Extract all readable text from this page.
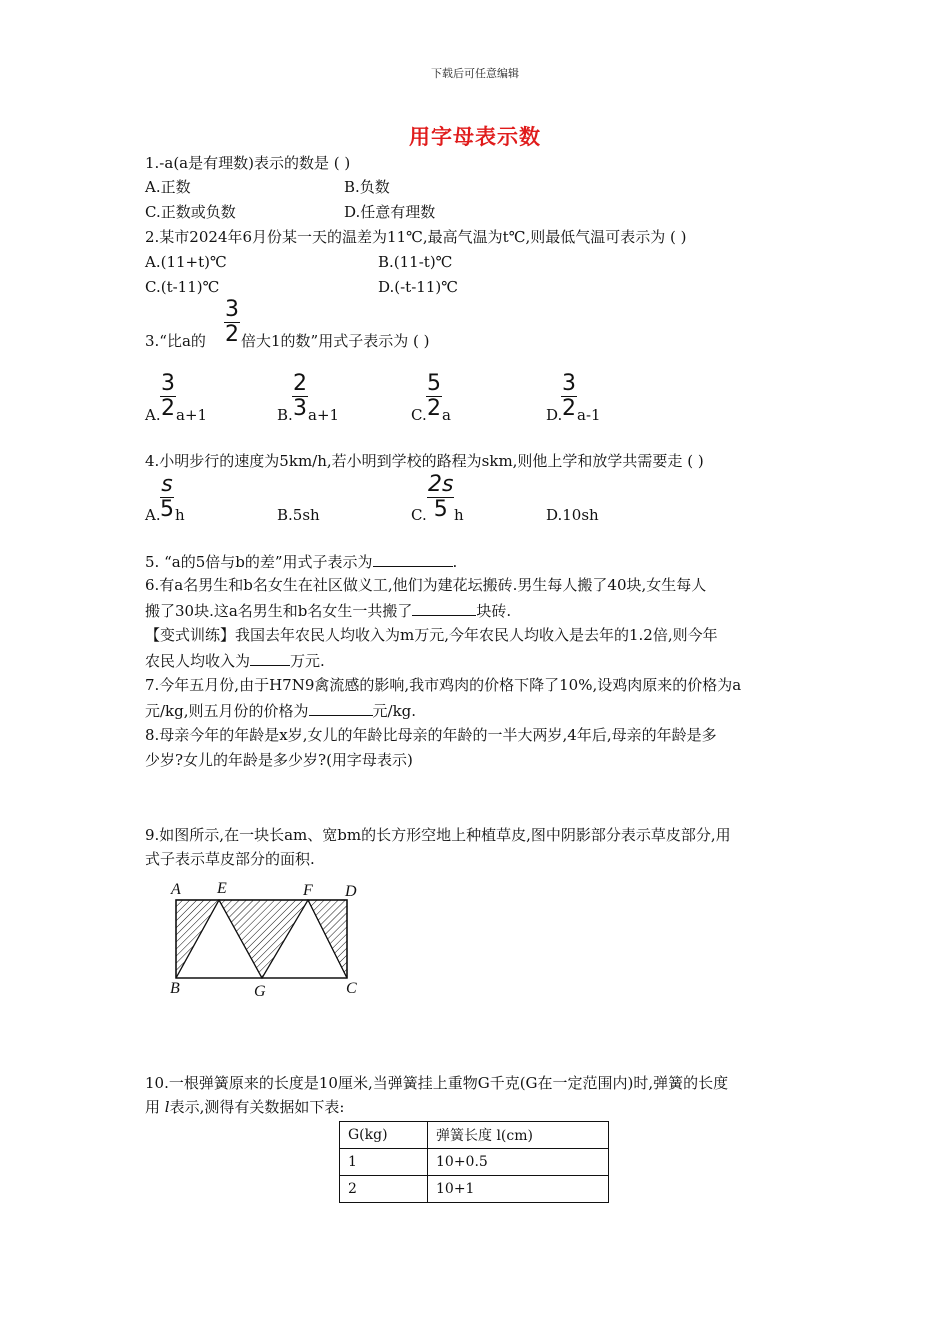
下载后可任意编辑
用字母表示数
1.-a(a是有理数)表示的数是 ( )
A.正数	B.负数
C.正数或负数	D.任意有理数
2.某市2024年6月份某一天的温差为11℃,最高气温为t℃,则最低气温可表示为 ( )
A.(11+t)℃	B.(11-t)℃
C.(t-11)℃	D.(-t-11)℃
3.“比a的 $\frac{3}{2}$ 倍大1的数”用式子表示为 ( )
A. $\frac{3}{2} a+1$	B. $\frac{2}{3} a+1$	C. $\frac{5}{2}$ a	D.
$\frac{3}{2} a-1$
4.小明步行的速度为5km/h,若小明到学校的路程为skm,则他上学和放学共需要走 ( )
A. $\frac{s}{5}$ h	B.5sh	C. $\frac{2s}{5}$ h	D.10sh
5. “a的5倍与b的差”用式子表示为	.
6.有a名男生和b名女生在社区做义工,他们为建花坛搬砖.男生每人搬了40块,女生每人
搬了30块.这a名男生和b名女生一共搬了	块砖.
【变式训练】我国去年农民人均收入为m万元,今年农民人均收入是去年的1.2倍,则今年
农民人均收入为	万元.
7.今年五月份,由于H7N9禽流感的影响,我市鸡肉的价格下降了10%,设鸡肉原来的价格为a
元/kg,则五月份的价格为	元/kg.
8.母亲今年的年龄是x岁,女儿的年龄比母亲的年龄的一半大两岁,4年后,母亲的年龄是多
少岁?女儿的年龄是多少岁?(用字母表示)
9.如图所示,在一块长am、宽bm的长方形空地上种植草皮,图中阴影部分表示草皮部分,用
式子表示草皮部分的面积.
A E	F D
B	G	C
10.一根弹簧原来的长度是10厘米,当弹簧挂上重物G千克(G在一定范围内)时,弹簧的长度
用 l表示,测得有关数据如下表:
G(kg)	弹簧长度 l(cm)
1	10+0.5
2	10+1
